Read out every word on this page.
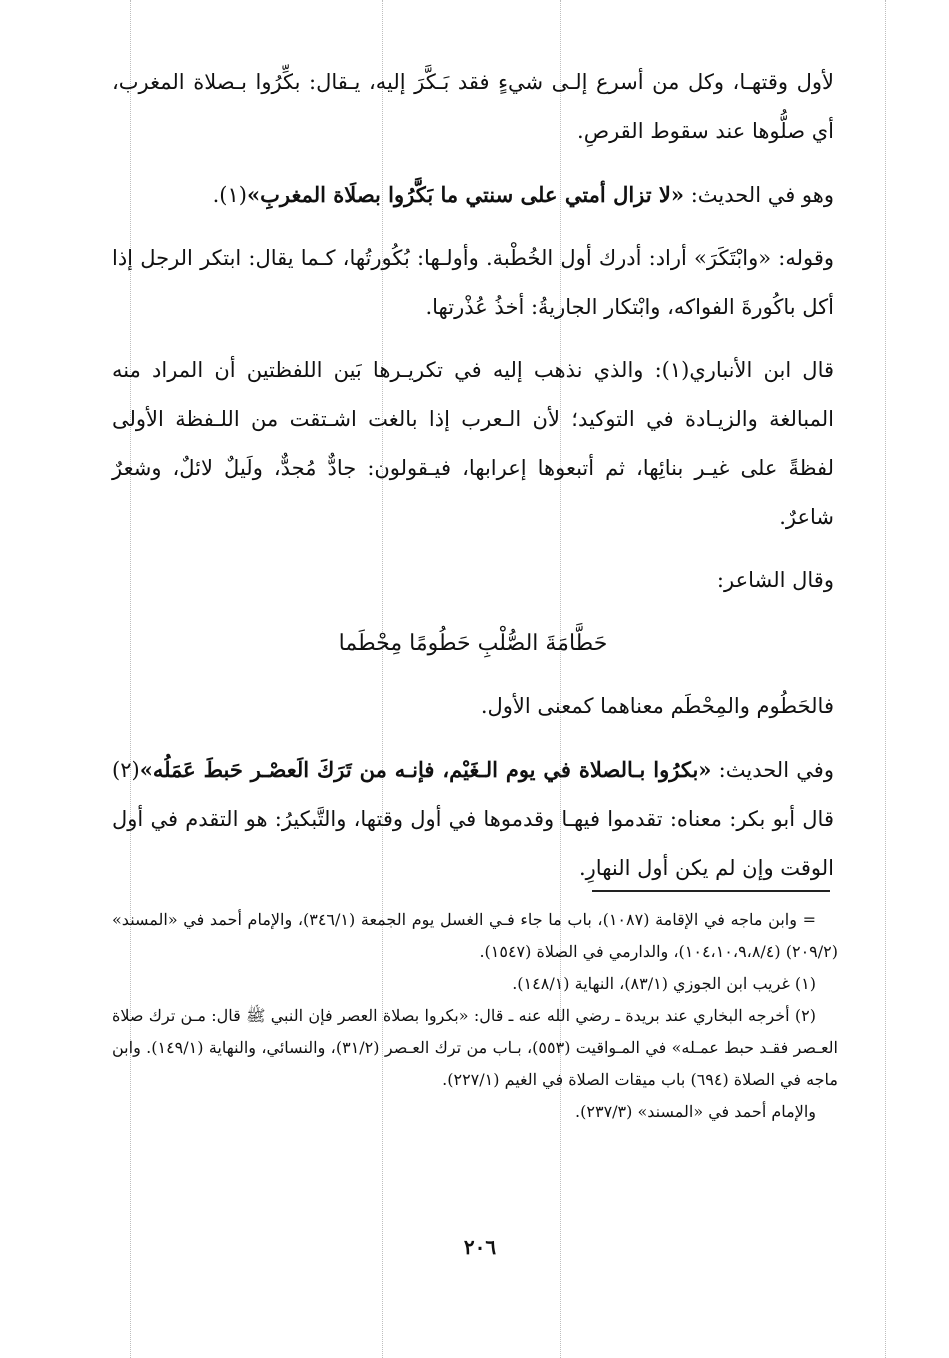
لأول وقتهـا، وكل من أسرع إلـى شيءٍ فقد بَـكَّرَ إليه، يـقال: بكِّرُوا بـصلاة المغرب، أي صلُّوها عند سقوط القرصِ.

وهو في الحديث: «لا تزال أمتي على سنتي ما بَكَّرُوا بصلَاة المغربِ»(١).

وقوله: «وابْتَكَرَ» أراد: أدرك أول الخُطْبة. وأولـها: بُكُورتُها، كـما يقال: ابتكر الرجل إذا أكل باكُورةَ الفواكه، وابْتكار الجاريةُ: أخذُ عُذْرتها.

قال ابن الأنباري(١): والذي نذهب إليه في تكريـرها بَين اللفظتين أن المراد منه المبالغة والزيـادة في التوكيد؛ لأن الـعرب إذا بالغت اشـتقت من اللـفظة الأولى لفظةً على غيـر بنائِها، ثم أتبعوها إعرابها، فيـقولون: جادٌّ مُجدٌّ، ولَيلٌ لائلٌ، وشعرٌ شاعرٌ.

وقال الشاعر:

حَطَّامَةَ الصُّلْبِ حَطُومًا مِحْطَما

فالحَطُوم والمِحْطَم معناهما كمعنى الأول.

وفي الحديث: «بكرُوا بـالصلاة في يوم الـغَيْم، فإنـه من تَرَكَ الَعصْـر حَبطَ عَمَلُه»(٢) قال أبو بكر: معناه: تقدموا فيهـا وقدموها في أول وقتها، والتَّبكيرُ: هو التقدم في أول الوقت وإن لم يكن أول النهارِ.

= وابن ماجه في الإقامة (١٠٨٧)، باب ما جاء فـي الغسل يوم الجمعة (٣٤٦/١)، والإمام أحمد في «المسند» (٢٠٩/٢) (١٠٤،١٠،٩،٨/٤)، والدارمي في الصلاة (١٥٤٧).

(١) غريب ابن الجوزي (٨٣/١)، النهاية (١٤٨/١).

(٢) أخرجه البخاري عند بريدة ـ رضي الله عنه ـ قال: «بكروا بصلاة العصر فإن النبي ﷺ قال: مـن ترك صلاة العـصر فقـد حبط عمـله» في المـواقيت (٥٥٣)، بـاب من ترك العـصر (٣١/٢)، والنسائي، والنهاية (١٤٩/١). وابن ماجه في الصلاة (٦٩٤) باب ميقات الصلاة في الغيم (٢٢٧/١).

والإمام أحمد في «المسند» (٢٣٧/٣).

٢٠٦
